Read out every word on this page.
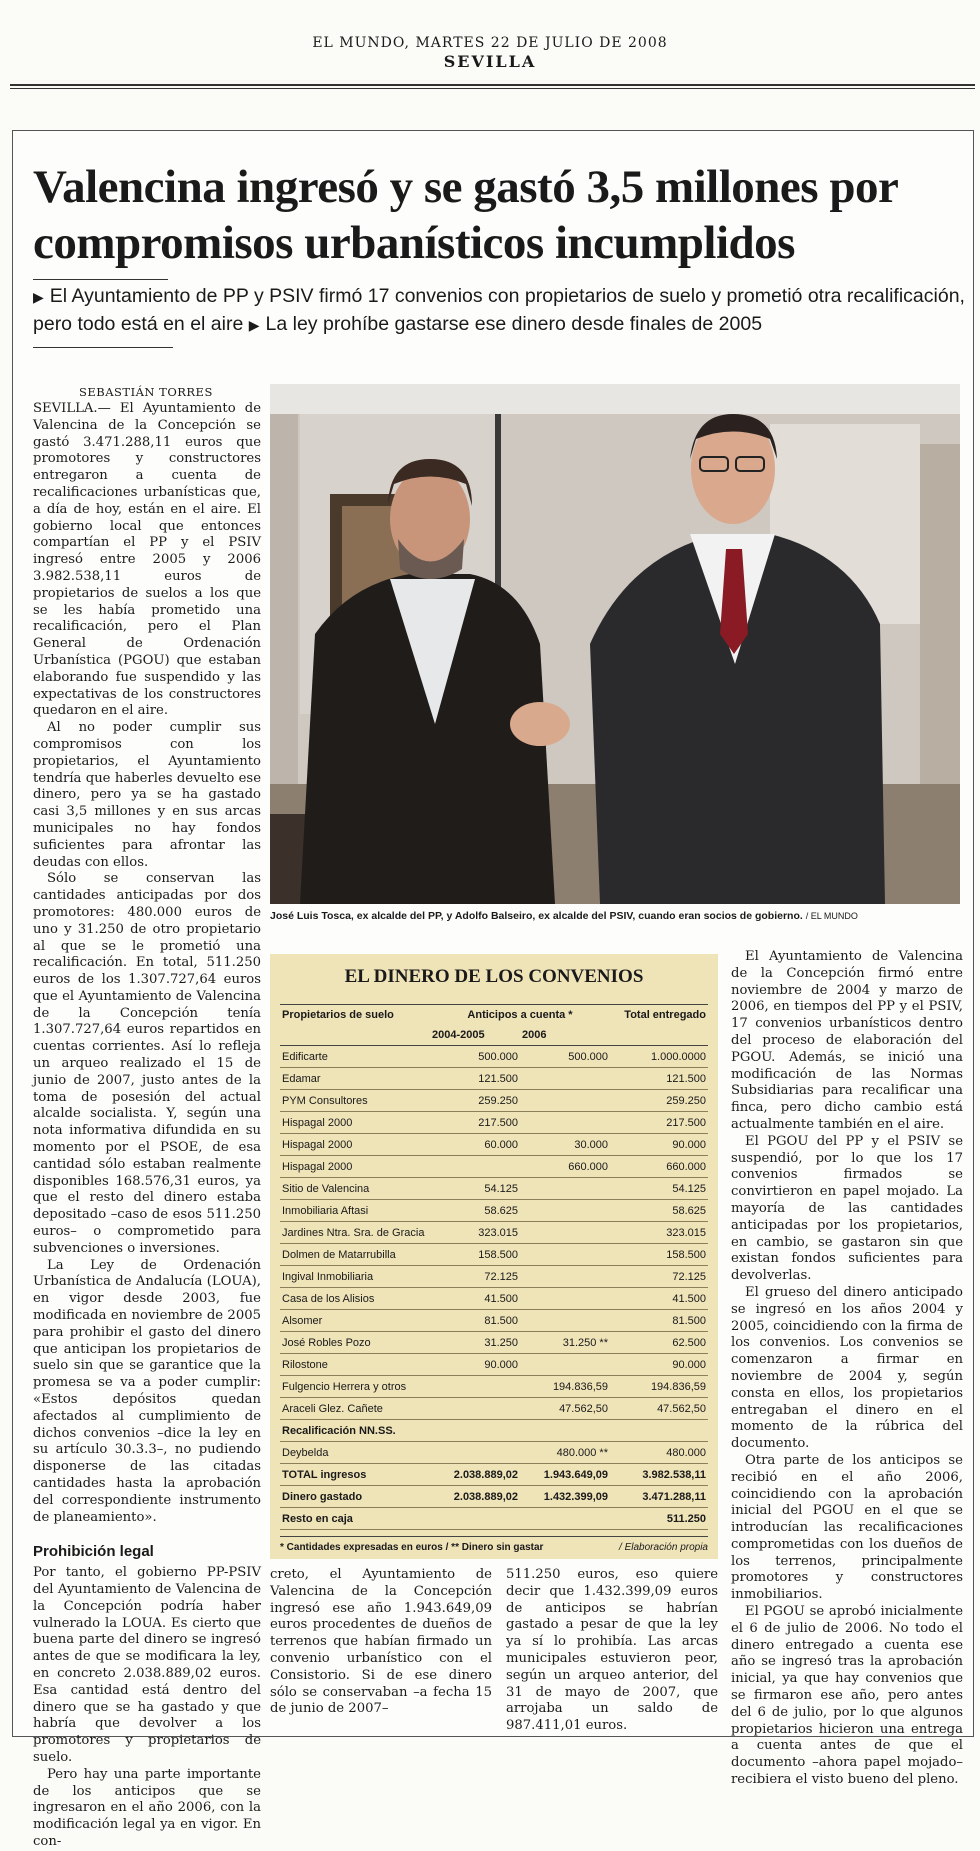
EL MUNDO, MARTES 22 DE JULIO DE 2008
SEVILLA
Valencina ingresó y se gastó 3,5 millones por compromisos urbanísticos incumplidos
▶ El Ayuntamiento de PP y PSIV firmó 17 convenios con propietarios de suelo y prometió otra recalificación, pero todo está en el aire ▶ La ley prohíbe gastarse ese dinero desde finales de 2005
SEBASTIÁN TORRES

SEVILLA.— El Ayuntamiento de Valencina de la Concepción se gastó 3.471.288,11 euros que promotores y constructores entregaron a cuenta de recalificaciones urbanísticas que, a día de hoy, están en el aire. El gobierno local que entonces compartían el PP y el PSIV ingresó entre 2005 y 2006 3.982.538,11 euros de propietarios de suelos a los que se les había prometido una recalificación, pero el Plan General de Ordenación Urbanística (PGOU) que estaban elaborando fue suspendido y las expectativas de los constructores quedaron en el aire.

Al no poder cumplir sus compromisos con los propietarios, el Ayuntamiento tendría que haberles devuelto ese dinero, pero ya se ha gastado casi 3,5 millones y en sus arcas municipales no hay fondos suficientes para afrontar las deudas con ellos.

Sólo se conservan las cantidades anticipadas por dos promotores: 480.000 euros de uno y 31.250 de otro propietario al que se le prometió una recalificación. En total, 511.250 euros de los 1.307.727,64 euros que el Ayuntamiento de Valencina de la Concepción tenía 1.307.727,64 euros repartidos en cuentas corrientes. Así lo refleja un arqueo realizado el 15 de junio de 2007, justo antes de la toma de posesión del actual alcalde socialista. Y, según una nota informativa difundida en su momento por el PSOE, de esa cantidad sólo estaban realmente disponibles 168.576,31 euros, ya que el resto del dinero estaba depositado –caso de esos 511.250 euros– o comprometido para subvenciones o inversiones.

La Ley de Ordenación Urbanística de Andalucía (LOUA), en vigor desde 2003, fue modificada en noviembre de 2005 para prohibir el gasto del dinero que anticipan los propietarios de suelo sin que se garantice que la promesa se va a poder cumplir: «Estos depósitos quedan afectados al cumplimiento de dichos convenios –dice la ley en su artículo 30.3.3–, no pudiendo disponerse de las citadas cantidades hasta la aprobación del correspondiente instrumento de planeamiento».

Prohibición legal

Por tanto, el gobierno PP-PSIV del Ayuntamiento de Valencina de la Concepción podría haber vulnerado la LOUA. Es cierto que buena parte del dinero se ingresó antes de que se modificara la ley, en concreto 2.038.889,02 euros. Esa cantidad está dentro del dinero que se ha gastado y que habría que devolver a los promotores y propietarios de suelo.

Pero hay una parte importante de los anticipos que se ingresaron en el año 2006, con la modificación legal ya en vigor. En con-

José Luis Tosca, ex alcalde del PP, y Adolfo Balseiro, ex alcalde del PSIV, cuando eran socios de gobierno. / EL MUNDO
EL DINERO DE LOS CONVENIOS
Propietarios de suelo	Anticipos a cuenta *		Total entregado
	2004-2005	2006	
Edificarte	500.000	500.000	1.000.0000
Edamar	121.500		121.500
PYM Consultores	259.250		259.250
Hispagal 2000	217.500		217.500
Hispagal 2000	60.000	30.000	90.000
Hispagal 2000		660.000	660.000
Sitio de Valencina	54.125		54.125
Inmobiliaria Aftasi	58.625		58.625
Jardines Ntra. Sra. de Gracia	323.015		323.015
Dolmen de Matarrubilla	158.500		158.500
Ingival Inmobiliaria	72.125		72.125
Casa de los Alisios	41.500		41.500
Alsomer	81.500		81.500
José Robles Pozo	31.250	31.250 **	62.500
Rilostone	90.000		90.000
Fulgencio Herrera y otros		194.836,59	194.836,59
Araceli Glez. Cañete		47.562,50	47.562,50
Recalificación NN.SS.			
Deybelda		480.000 **	480.000
TOTAL ingresos	2.038.889,02	1.943.649,09	3.982.538,11
Dinero gastado	2.038.889,02	1.432.399,09	3.471.288,11
Resto en caja			511.250
* Cantidades expresadas en euros / ** Dinero sin gastar	/ Elaboración propia

creto, el Ayuntamiento de Valencina de la Concepción ingresó ese año 1.943.649,09 euros procedentes de dueños de terrenos que habían firmado un convenio urbanístico con el Consistorio. Si de ese dinero sólo se conservaban –a fecha 15 de junio de 2007–

511.250 euros, eso quiere decir que 1.432.399,09 euros de anticipos se habrían gastado a pesar de que la ley ya sí lo prohibía. Las arcas municipales estuvieron peor, según un arqueo anterior, del 31 de mayo de 2007, que arrojaba un saldo de 987.411,01 euros.

El Ayuntamiento de Valencina de la Concepción firmó entre noviembre de 2004 y marzo de 2006, en tiempos del PP y el PSIV, 17 convenios urbanísticos dentro del proceso de elaboración del PGOU. Además, se inició una modificación de las Normas Subsidiarias para recalificar una finca, pero dicho cambio está actualmente también en el aire.

El PGOU del PP y el PSIV se suspendió, por lo que los 17 convenios firmados se convirtieron en papel mojado. La mayoría de las cantidades anticipadas por los propietarios, en cambio, se gastaron sin que existan fondos suficientes para devolverlas.

El grueso del dinero anticipado se ingresó en los años 2004 y 2005, coincidiendo con la firma de los convenios. Los convenios se comenzaron a firmar en noviembre de 2004 y, según consta en ellos, los propietarios entregaban el dinero en el momento de la rúbrica del documento.

Otra parte de los anticipos se recibió en el año 2006, coincidiendo con la aprobación inicial del PGOU en el que se introducían las recalificaciones comprometidas con los dueños de los terrenos, principalmente promotores y constructores inmobiliarios.

El PGOU se aprobó inicialmente el 6 de julio de 2006. No todo el dinero entregado a cuenta ese año se ingresó tras la aprobación inicial, ya que hay convenios que se firmaron ese año, pero antes del 6 de julio, por lo que algunos propietarios hicieron una entrega a cuenta antes de que el documento –ahora papel mojado– recibiera el visto bueno del pleno.
